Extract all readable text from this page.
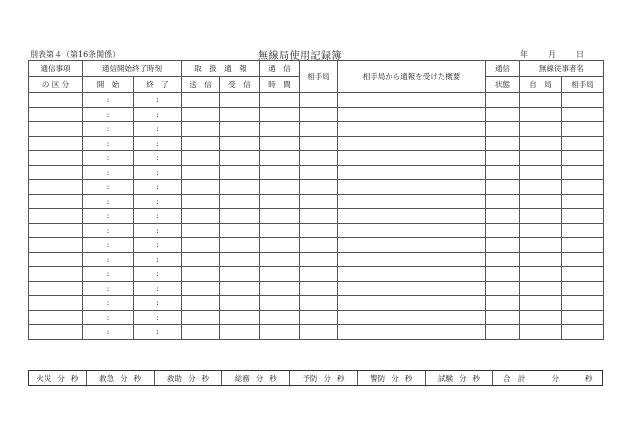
別表第４（第16条関係）	無線局使用記録簿	年	月	日
通信事項	通信開始終了時刻		取　扱　通　報		通　信	相手局	相手局から通報を受けた概要	通信	無線従事者名	
の 区 分	開　始	終　了	送　信	受　信	時　間			状態	自　局	相手局
	:	:								
	:	:								
	:	:								
	:	:								
	:	:								
	:	:								
	:	:								
	:	:								
	:	:								
	:	:								
	:	:								
	:	:								
	:	:								
	:	:								
	:	:								
	:	:								
	:	:								
火災 分 秒	救急 分 秒	救助 分 秒	総務 分 秒	予防 分 秒	警防 分 秒	試験 分 秒	合　計	分	秒
